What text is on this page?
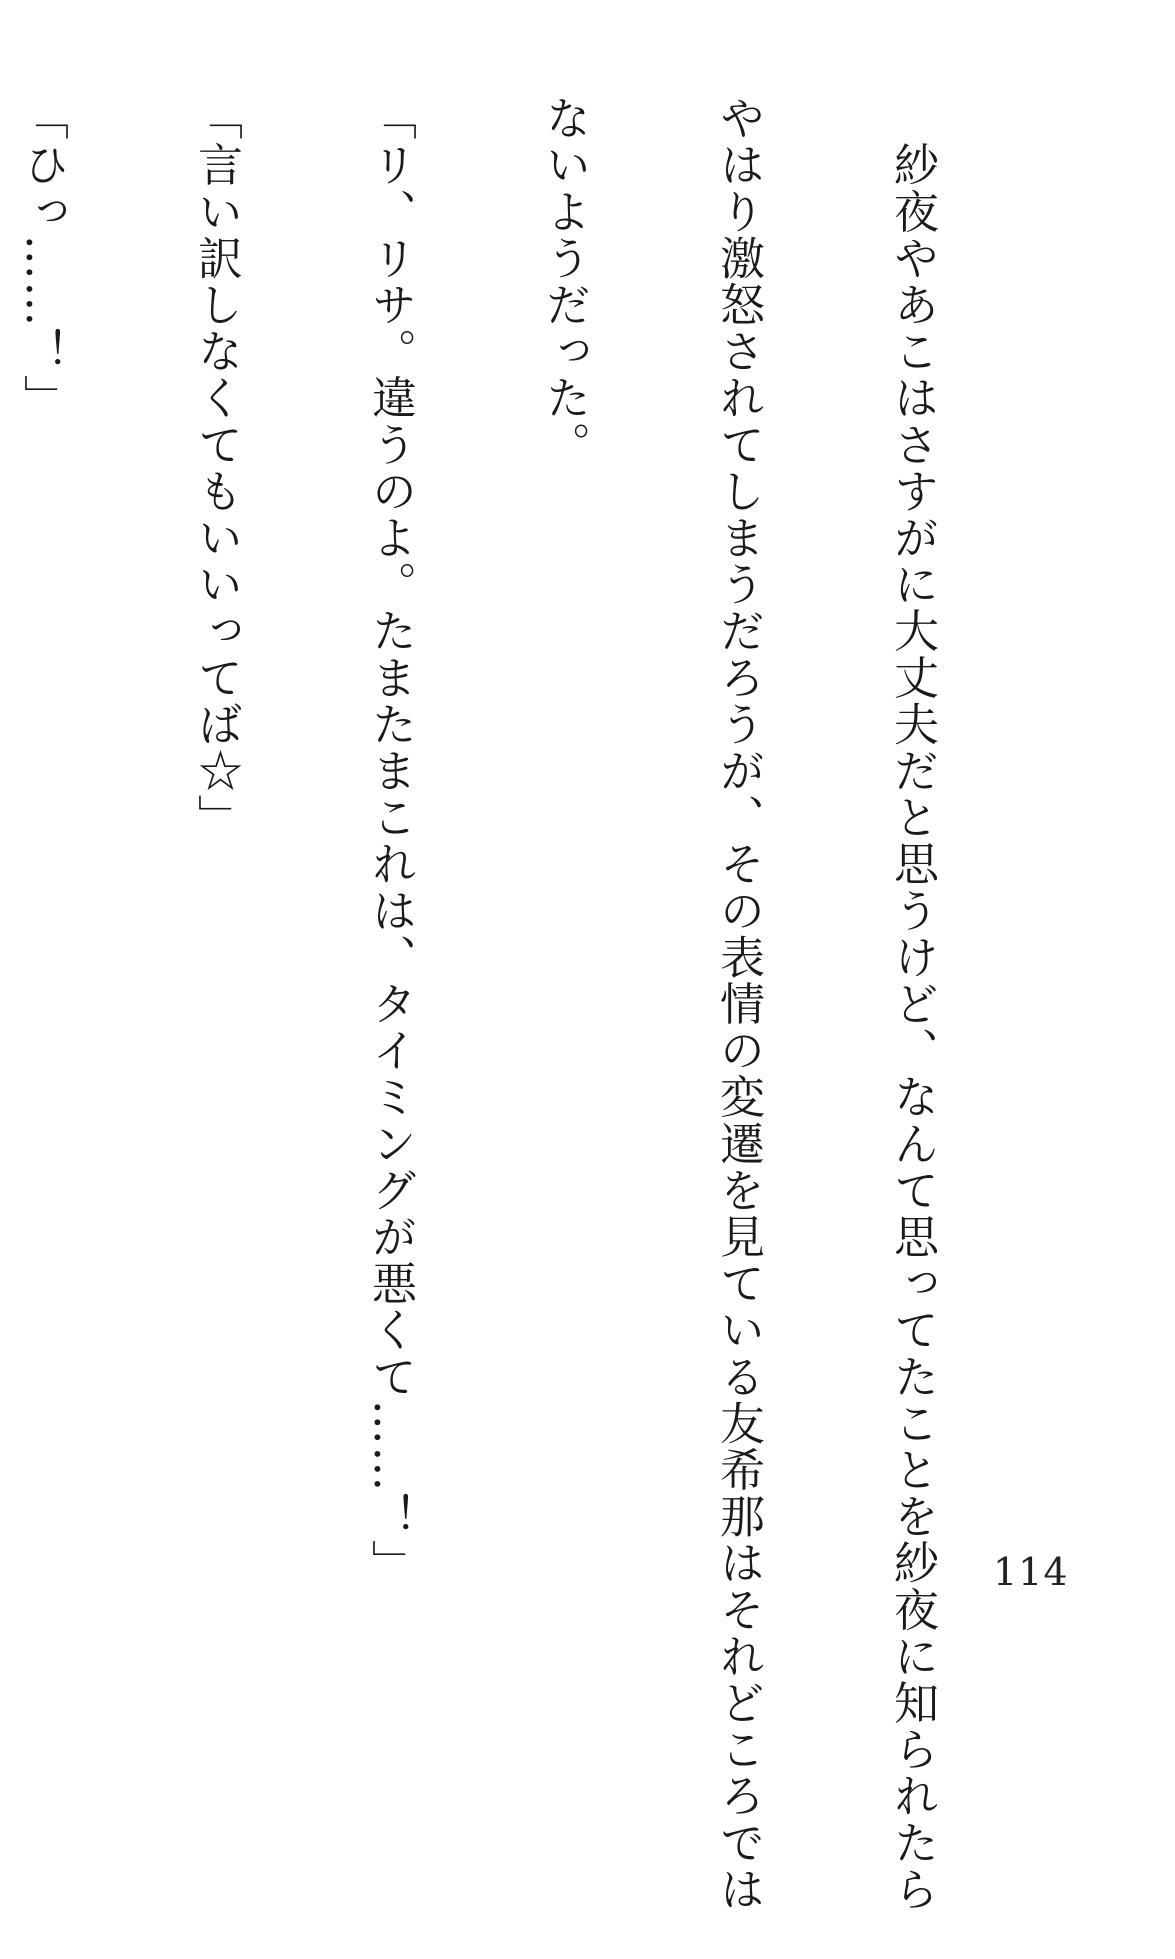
　紗夜やあこはさすがに大丈夫だと思うけど、なんて思ってたことを紗夜に知られたら

やはり激怒されてしまうだろうが、その表情の変遷を見ている友希那はそれどころでは

ないようだった。

「リ、リサ。違うのよ。たまたまこれは、タイミングが悪くて……！」

「言い訳しなくてもいいってば☆」

「ひっ……！」

114
